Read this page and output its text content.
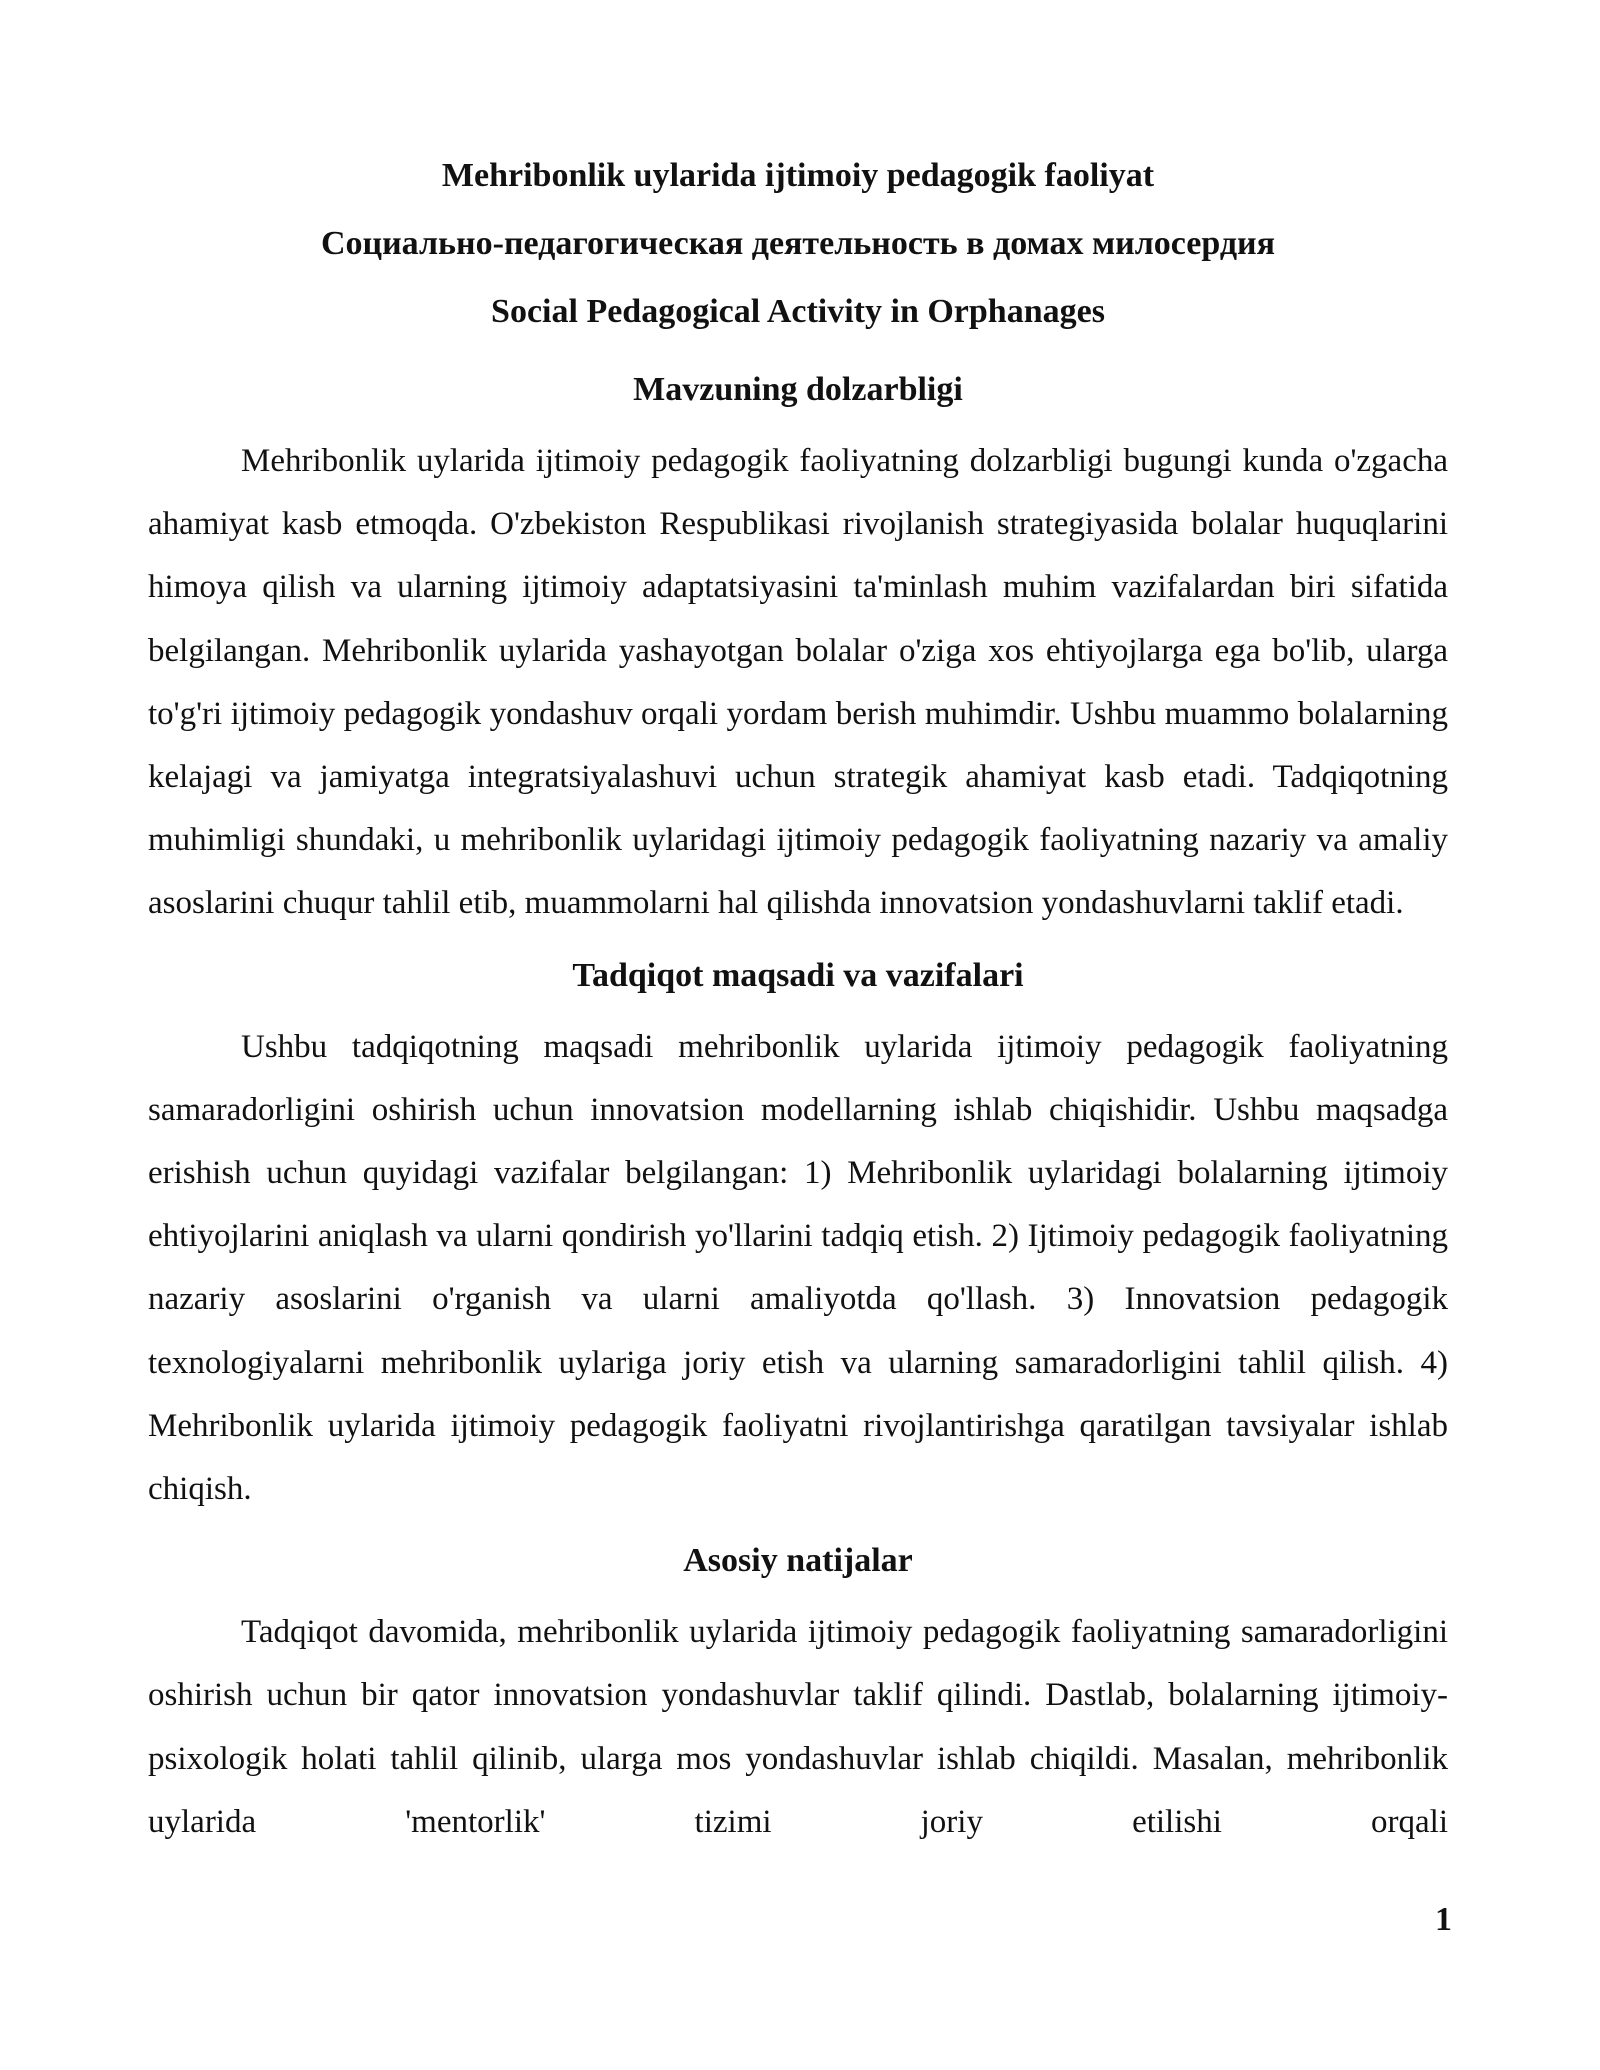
Mehribonlik uylarida ijtimoiy pedagogik faoliyat
Социально-педагогическая деятельность в домах милосердия
Social Pedagogical Activity in Orphanages
Mavzuning dolzarbligi

Mehribonlik uylarida ijtimoiy pedagogik faoliyatning dolzarbligi bugungi kunda o'zgacha ahamiyat kasb etmoqda. O'zbekiston Respublikasi rivojlanish strategiyasida bolalar huquqlarini himoya qilish va ularning ijtimoiy adaptatsiyasini ta'minlash muhim vazifalardan biri sifatida belgilangan. Mehribonlik uylarida yashayotgan bolalar o'ziga xos ehtiyojlarga ega bo'lib, ularga to'g'ri ijtimoiy pedagogik yondashuv orqali yordam berish muhimdir. Ushbu muammo bolalarning kelajagi va jamiyatga integratsiyalashuvi uchun strategik ahamiyat kasb etadi. Tadqiqotning muhimligi shundaki, u mehribonlik uylaridagi ijtimoiy pedagogik faoliyatning nazariy va amaliy asoslarini chuqur tahlil etib, muammolarni hal qilishda innovatsion yondashuvlarni taklif etadi.

Tadqiqot maqsadi va vazifalari

Ushbu tadqiqotning maqsadi mehribonlik uylarida ijtimoiy pedagogik faoliyatning samaradorligini oshirish uchun innovatsion modellarning ishlab chiqishidir. Ushbu maqsadga erishish uchun quyidagi vazifalar belgilangan: 1) Mehribonlik uylaridagi bolalarning ijtimoiy ehtiyojlarini aniqlash va ularni qondirish yo'llarini tadqiq etish. 2) Ijtimoiy pedagogik faoliyatning nazariy asoslarini o'rganish va ularni amaliyotda qo'llash. 3) Innovatsion pedagogik texnologiyalarni mehribonlik uylariga joriy etish va ularning samaradorligini tahlil qilish. 4) Mehribonlik uylarida ijtimoiy pedagogik faoliyatni rivojlantirishga qaratilgan tavsiyalar ishlab chiqish.

Asosiy natijalar

Tadqiqot davomida, mehribonlik uylarida ijtimoiy pedagogik faoliyatning samaradorligini oshirish uchun bir qator innovatsion yondashuvlar taklif qilindi. Dastlab, bolalarning ijtimoiy-psixologik holati tahlil qilinib, ularga mos yondashuvlar ishlab chiqildi. Masalan, mehribonlik uylarida 'mentorlik' tizimi joriy etilishi orqali

1
